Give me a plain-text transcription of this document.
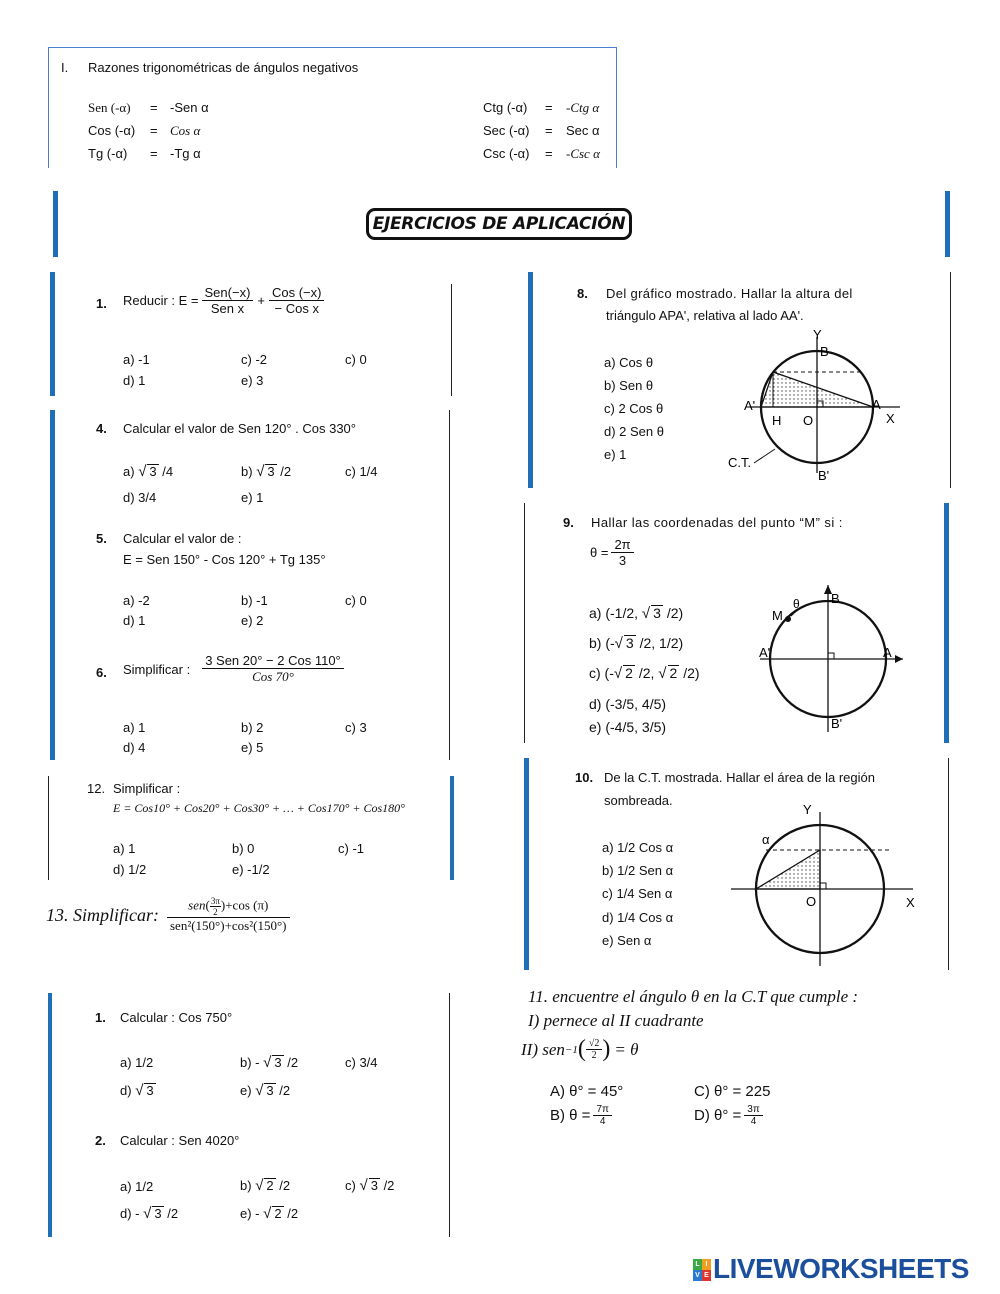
I. Razones trigonométricas de ángulos negativos
Sen (-α) = -Sen α
Cos (-α) = Cos α
Tg (-α) = -Tg α
Ctg (-α) = -Ctg α
Sec (-α) = Sec α
Csc (-α) = -Csc α
EJERCICIOS DE APLICACIÓN
1. Reducir : $E = \frac{\text{Sen(−x)}}{\text{Sen x}} + \frac{\text{Cos (−x)}}{\text{− Cos x}}$
a) -1	c) -2	c) 0
d) 1	e) 3
4. Calcular el valor de Sen 120° . Cos 330°
a) √ 3 /4	b) √ 3 /2	c) 1/4
d) 3/4	e) 1
5. Calcular el valor de :
E = Sen 150° - Cos 120° + Tg 135°
a) -2	b) -1	c) 0
d) 1	e) 2
6. Simplificar : $\frac{\text{3 Sen 20° − 2 Cos 110°}}{\text{Cos 70°}}$
a) 1	b) 2	c) 3
d) 4	e) 5
12. Simplificar :
E = Cos10° + Cos20° + Cos30° + … + Cos170° + Cos180°
a) 1	b) 0	c) -1
d) 1/2	e) -1/2
13. Simplificar: $\frac{sen( \frac{3\pi}{2} )+\cos (\pi)}{\text{sen²(150°)+cos²(150°)}}$
1. Calcular : Cos 750°
a) 1/2	b) - √ 3 /2	c) 3/4
d) √ 3	e) √ 3 /2
2. Calcular : Sen 4020°
a) 1/2	b) √ 2 /2	c) √ 3 /2
d) - √ 3 /2	e) - √ 2 /2
8. Del gráfico mostrado. Hallar la altura del
triángulo APA', relativa al lado AA'.
a) Cos θ
b) Sen θ
c) 2 Cos θ
d) 2 Sen θ
e) 1
Y
B
A'	A
X
H O
B'
C.T.
9. Hallar las coordenadas del punto “M” si :
$\theta = \frac{2\pi}{3}$
a) (-1/2, √ 3 /2)
b) (-√ 3 /2, 1/2)
c) (-√ 2 /2, √ 2 /2)
d) (-3/5, 4/5)
e) (-4/5, 3/5)
B
M
θ
A'	A
B'
10. De la C.T. mostrada. Hallar el área de la región
sombreada.
a) 1/2 Cos α
b) 1/2 Sen α
c) 1/4 Sen α
d) 1/4 Cos α
e) Sen α
Y
α
O	X
11. encuentre el ángulo θ en la C.T que cumple :
I) pernece al II cuadrante
II) sen −1 ( $\frac{√2}{2}$ ) = θ
A) θ° = 45°	C) θ° = 225
B) $\theta = \frac{7\pi}{4}$	D) $\theta^\circ = \frac{3\pi}{4}$
L I
V E LIVEWORKSHEETS
